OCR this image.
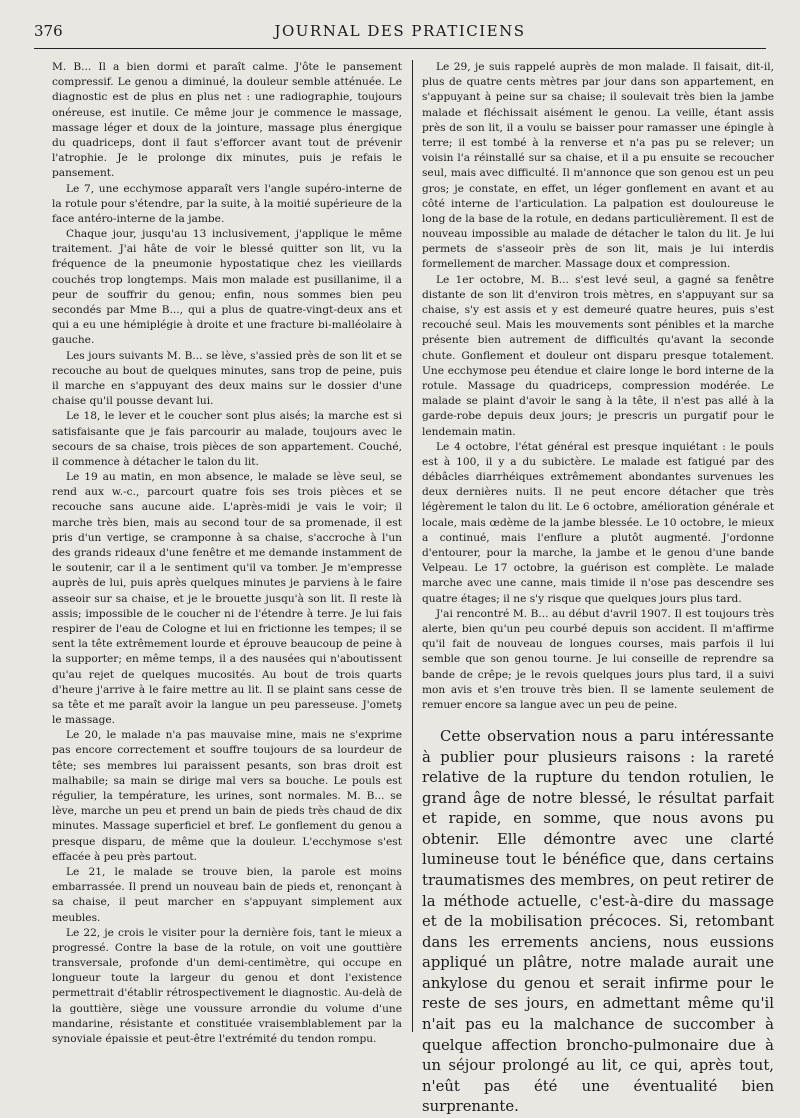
376	JOURNAL DES PRATICIENS

M. B... Il a bien dormi et paraît calme. J'ôte le pansement compressif. Le genou a diminué, la douleur semble atténuée. Le diagnostic est de plus en plus net : une radiographie, toujours onéreuse, est inutile. Ce même jour je commence le massage, massage léger et doux de la jointure, massage plus énergique du quadriceps, dont il faut s'efforcer avant tout de prévenir l'atrophie. Je le prolonge dix minutes, puis je refais le pansement.

Le 7, une ecchymose apparaît vers l'angle supéro-interne de la rotule pour s'étendre, par la suite, à la moitié supérieure de la face antéro-interne de la jambe.

Chaque jour, jusqu'au 13 inclusivement, j'applique le même traitement. J'ai hâte de voir le blessé quitter son lit, vu la fréquence de la pneumonie hypostatique chez les vieillards couchés trop longtemps. Mais mon malade est pusillanime, il a peur de souffrir du genou; enfin, nous sommes bien peu secondés par Mme B..., qui a plus de quatre-vingt-deux ans et qui a eu une hémiplégie à droite et une fracture bi-malléolaire à gauche.

Les jours suivants M. B... se lève, s'assied près de son lit et se recouche au bout de quelques minutes, sans trop de peine, puis il marche en s'appuyant des deux mains sur le dossier d'une chaise qu'il pousse devant lui.

Le 18, le lever et le coucher sont plus aisés; la marche est si satisfaisante que je fais parcourir au malade, toujours avec le secours de sa chaise, trois pièces de son appartement. Couché, il commence à détacher le talon du lit.

Le 19 au matin, en mon absence, le malade se lève seul, se rend aux w.-c., parcourt quatre fois ses trois pièces et se recouche sans aucune aide. L'après-midi je vais le voir; il marche très bien, mais au second tour de sa promenade, il est pris d'un vertige, se cramponne à sa chaise, s'accroche à l'un des grands rideaux d'une fenêtre et me demande instamment de le soutenir, car il a le sentiment qu'il va tomber. Je m'empresse auprès de lui, puis après quelques minutes je parviens à le faire asseoir sur sa chaise, et je le brouette jusqu'à son lit. Il reste là assis; impossible de le coucher ni de l'étendre à terre. Je lui fais respirer de l'eau de Cologne et lui en frictionne les tempes; il se sent la tête extrêmement lourde et éprouve beaucoup de peine à la supporter; en même temps, il a des nausées qui n'aboutissent qu'au rejet de quelques mucosités. Au bout de trois quarts d'heure j'arrive à le faire mettre au lit. Il se plaint sans cesse de sa tête et me paraît avoir la langue un peu paresseuse. J'ometş le massage.

Le 20, le malade n'a pas mauvaise mine, mais ne s'exprime pas encore correctement et souffre toujours de sa lourdeur de tête; ses membres lui paraissent pesants, son bras droit est malhabile; sa main se dirige mal vers sa bouche. Le pouls est régulier, la température, les urines, sont normales. M. B... se lève, marche un peu et prend un bain de pieds très chaud de dix minutes. Massage superficiel et bref. Le gonflement du genou a presque disparu, de même que la douleur. L'ecchymose s'est effacée à peu près partout.

Le 21, le malade se trouve bien, la parole est moins embarrassée. Il prend un nouveau bain de pieds et, renonçant à sa chaise, il peut marcher en s'appuyant simplement aux meubles.

Le 22, je crois le visiter pour la dernière fois, tant le mieux a progressé. Contre la base de la rotule, on voit une gouttière transversale, profonde d'un demi-centimètre, qui occupe en longueur toute la largeur du genou et dont l'existence permettrait d'établir rétrospectivement le diagnostic. Au-delà de la gouttière, siège une voussure arrondie du volume d'une mandarine, résistante et constituée vraisemblablement par la synoviale épaissie et peut-être l'extrémité du tendon rompu.

Le 29, je suis rappelé auprès de mon malade. Il faisait, dit-il, plus de quatre cents mètres par jour dans son appartement, en s'appuyant à peine sur sa chaise; il soulevait très bien la jambe malade et fléchissait aisément le genou. La veille, étant assis près de son lit, il a voulu se baisser pour ramasser une épingle à terre; il est tombé à la renverse et n'a pas pu se relever; un voisin l'a réinstallé sur sa chaise, et il a pu ensuite se recoucher seul, mais avec difficulté. Il m'annonce que son genou est un peu gros; je constate, en effet, un léger gonflement en avant et au côté interne de l'articulation. La palpation est douloureuse le long de la base de la rotule, en dedans particulièrement. Il est de nouveau impossible au malade de détacher le talon du lit. Je lui permets de s'asseoir près de son lit, mais je lui interdis formellement de marcher. Massage doux et compression.

Le 1er octobre, M. B... s'est levé seul, a gagné sa fenêtre distante de son lit d'environ trois mètres, en s'appuyant sur sa chaise, s'y est assis et y est demeuré quatre heures, puis s'est recouché seul. Mais les mouvements sont pénibles et la marche présente bien autrement de difficultés qu'avant la seconde chute. Gonflement et douleur ont disparu presque totalement. Une ecchymose peu étendue et claire longe le bord interne de la rotule. Massage du quadriceps, compression modérée. Le malade se plaint d'avoir le sang à la tête, il n'est pas allé à la garde-robe depuis deux jours; je prescris un purgatif pour le lendemain matin.

Le 4 octobre, l'état général est presque inquiétant : le pouls est à 100, il y a du subictère. Le malade est fatigué par des débâcles diarrhéiques extrêmement abondantes survenues les deux dernières nuits. Il ne peut encore détacher que très légèrement le talon du lit. Le 6 octobre, amélioration générale et locale, mais œdème de la jambe blessée. Le 10 octobre, le mieux a continué, mais l'enflure a plutôt augmenté. J'ordonne d'entourer, pour la marche, la jambe et le genou d'une bande Velpeau. Le 17 octobre, la guérison est complète. Le malade marche avec une canne, mais timide il n'ose pas descendre ses quatre étages; il ne s'y risque que quelques jours plus tard.

J'ai rencontré M. B... au début d'avril 1907. Il est toujours très alerte, bien qu'un peu courbé depuis son accident. Il m'affirme qu'il fait de nouveau de longues courses, mais parfois il lui semble que son genou tourne. Je lui conseille de reprendre sa bande de crêpe; je le revois quelques jours plus tard, il a suivi mon avis et s'en trouve très bien. Il se lamente seulement de remuer encore sa langue avec un peu de peine.

Cette observation nous a paru intéressante à publier pour plusieurs raisons : la rareté relative de la rupture du tendon rotulien, le grand âge de notre blessé, le résultat parfait et rapide, en somme, que nous avons pu obtenir. Elle démontre avec une clarté lumineuse tout le bénéfice que, dans certains traumatismes des membres, on peut retirer de la méthode actuelle, c'est-à-dire du massage et de la mobilisation précoces. Si, retombant dans les errements anciens, nous eussions appliqué un plâtre, notre malade aurait une ankylose du genou et serait infirme pour le reste de ses jours, en admettant même qu'il n'ait pas eu la malchance de succomber à quelque affection broncho-pulmonaire due à un séjour prolongé au lit, ce qui, après tout, n'eût pas été une éventualité bien surprenante.
